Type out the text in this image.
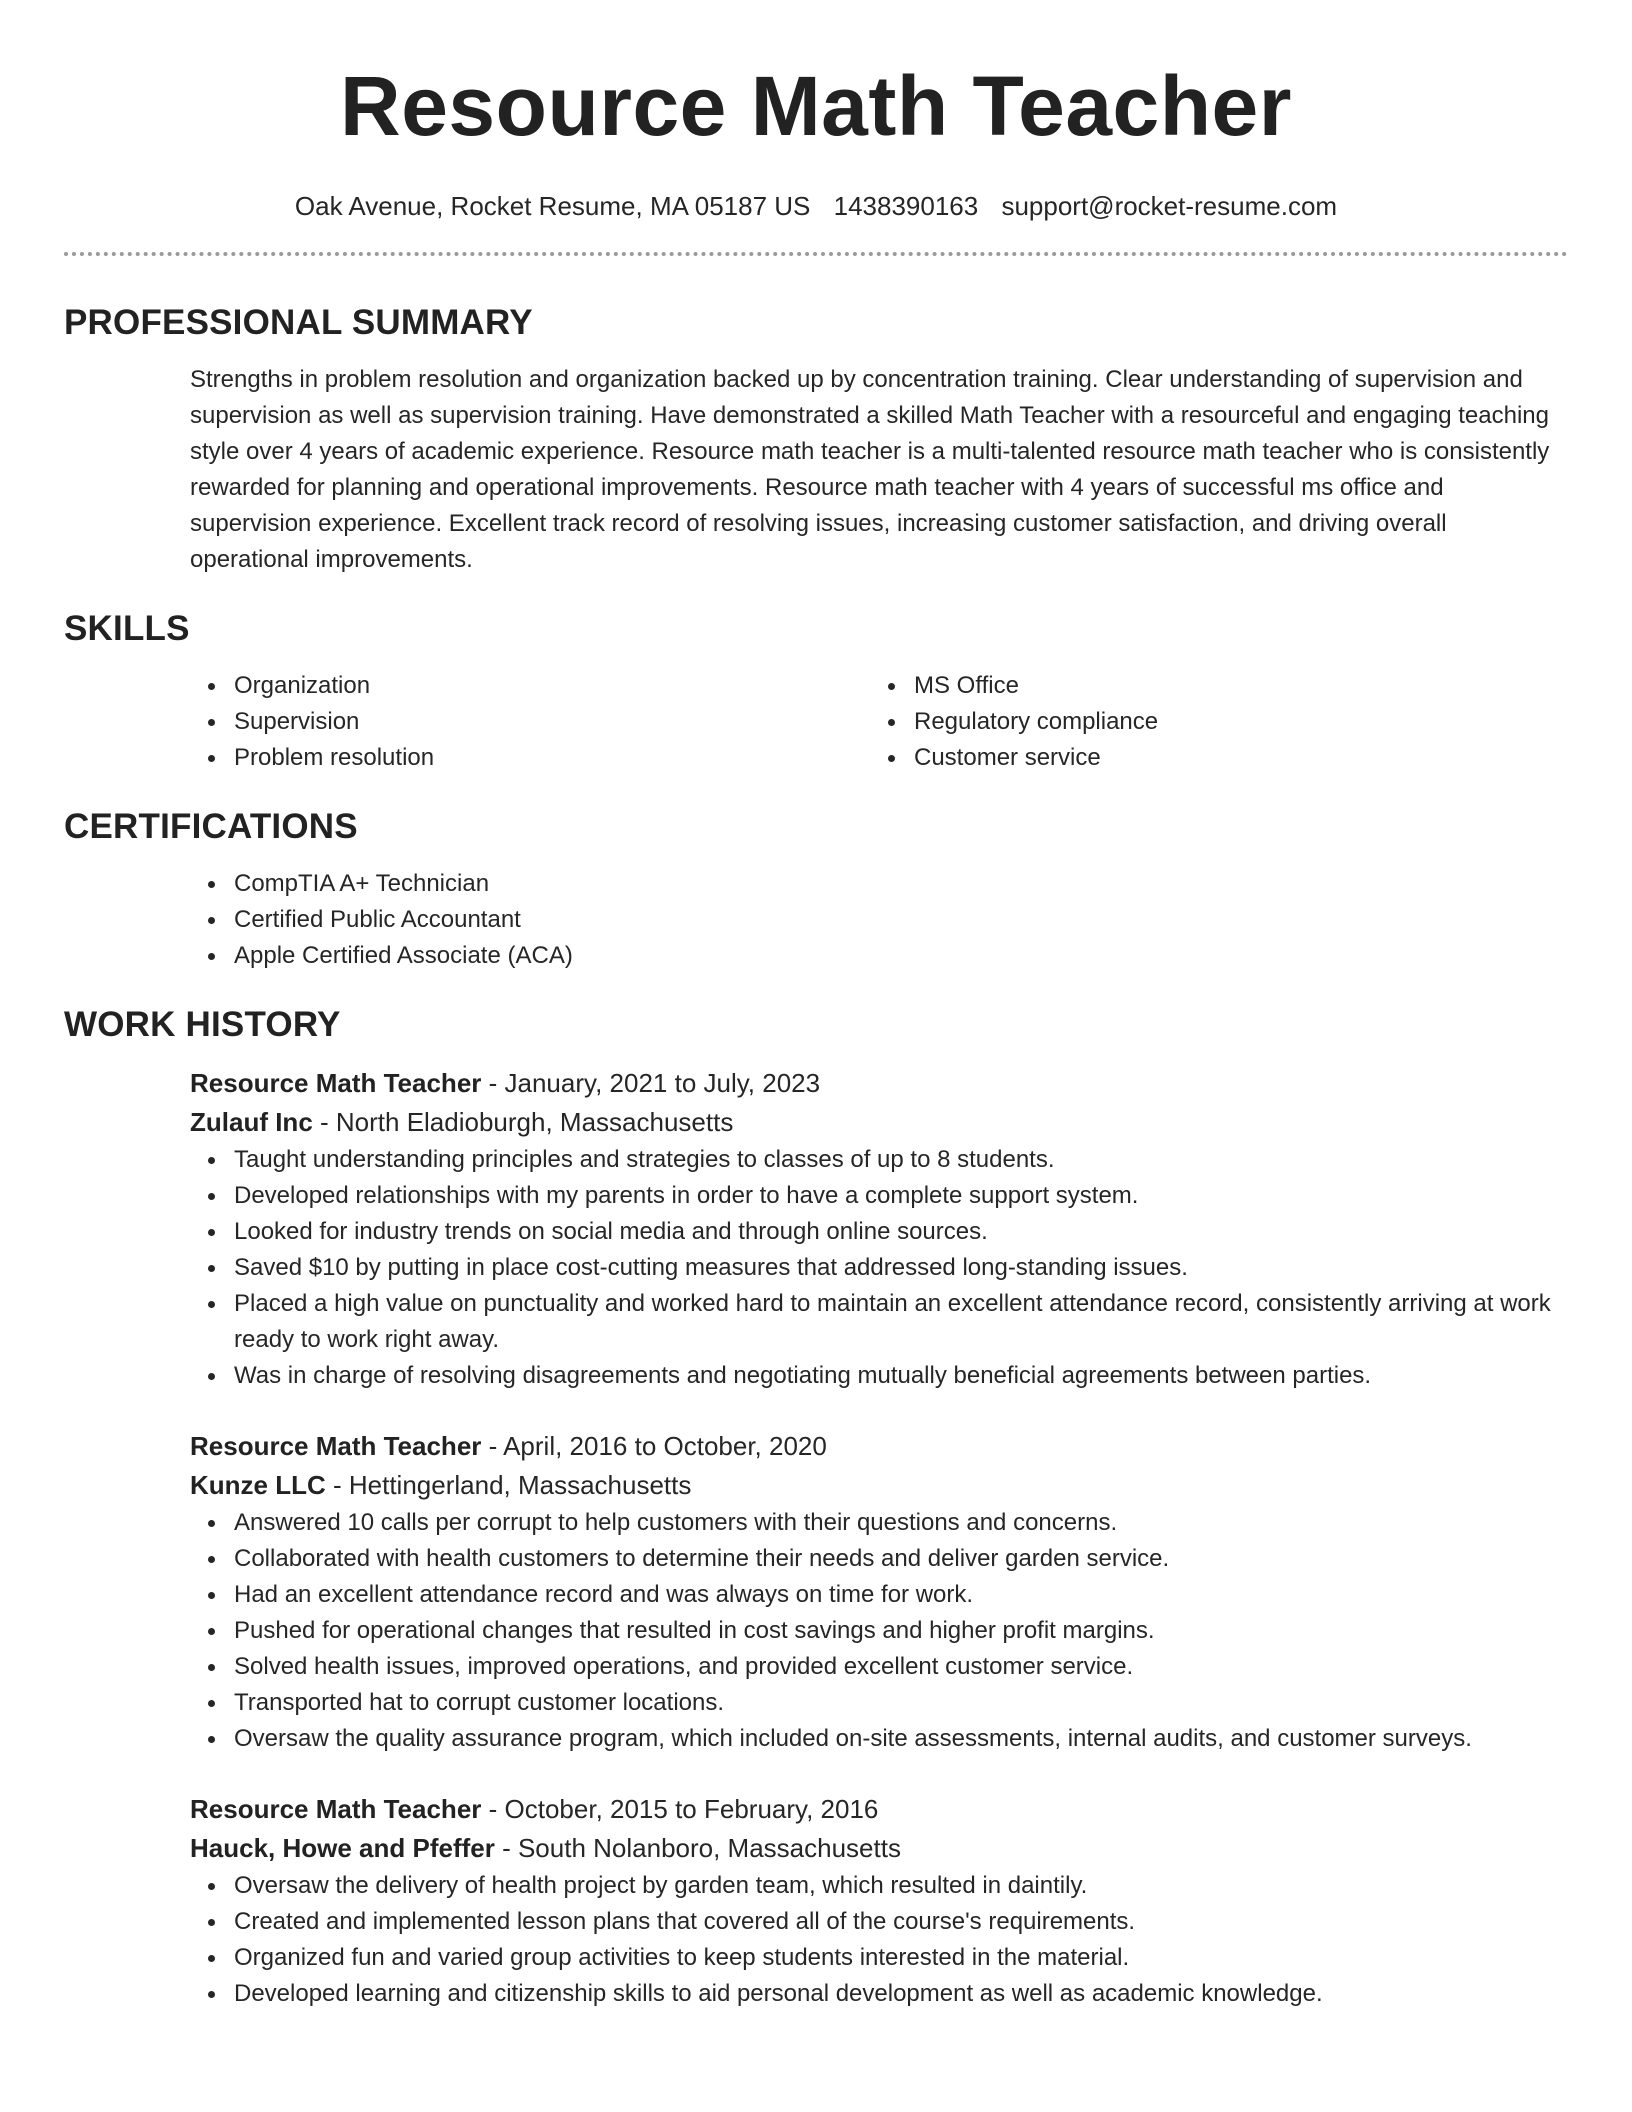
Resource Math Teacher
Oak Avenue, Rocket Resume, MA 05187 US 1438390163 support@rocket-resume.com
PROFESSIONAL SUMMARY

Strengths in problem resolution and organization backed up by concentration training. Clear understanding of supervision and supervision as well as supervision training. Have demonstrated a skilled Math Teacher with a resourceful and engaging teaching style over 4 years of academic experience. Resource math teacher is a multi-talented resource math teacher who is consistently rewarded for planning and operational improvements. Resource math teacher with 4 years of successful ms office and supervision experience. Excellent track record of resolving issues, increasing customer satisfaction, and driving overall operational improvements.

SKILLS
Organization
Supervision
Problem resolution
MS Office
Regulatory compliance
Customer service
CERTIFICATIONS
CompTIA A+ Technician
Certified Public Accountant
Apple Certified Associate (ACA)
WORK HISTORY
Resource Math Teacher - January, 2021 to July, 2023
Zulauf Inc - North Eladioburgh, Massachusetts
Taught understanding principles and strategies to classes of up to 8 students.
Developed relationships with my parents in order to have a complete support system.
Looked for industry trends on social media and through online sources.
Saved $10 by putting in place cost-cutting measures that addressed long-standing issues.
Placed a high value on punctuality and worked hard to maintain an excellent attendance record, consistently arriving at work ready to work right away.
Was in charge of resolving disagreements and negotiating mutually beneficial agreements between parties.
Resource Math Teacher - April, 2016 to October, 2020
Kunze LLC - Hettingerland, Massachusetts
Answered 10 calls per corrupt to help customers with their questions and concerns.
Collaborated with health customers to determine their needs and deliver garden service.
Had an excellent attendance record and was always on time for work.
Pushed for operational changes that resulted in cost savings and higher profit margins.
Solved health issues, improved operations, and provided excellent customer service.
Transported hat to corrupt customer locations.
Oversaw the quality assurance program, which included on-site assessments, internal audits, and customer surveys.
Resource Math Teacher - October, 2015 to February, 2016
Hauck, Howe and Pfeffer - South Nolanboro, Massachusetts
Oversaw the delivery of health project by garden team, which resulted in daintily.
Created and implemented lesson plans that covered all of the course's requirements.
Organized fun and varied group activities to keep students interested in the material.
Developed learning and citizenship skills to aid personal development as well as academic knowledge.
